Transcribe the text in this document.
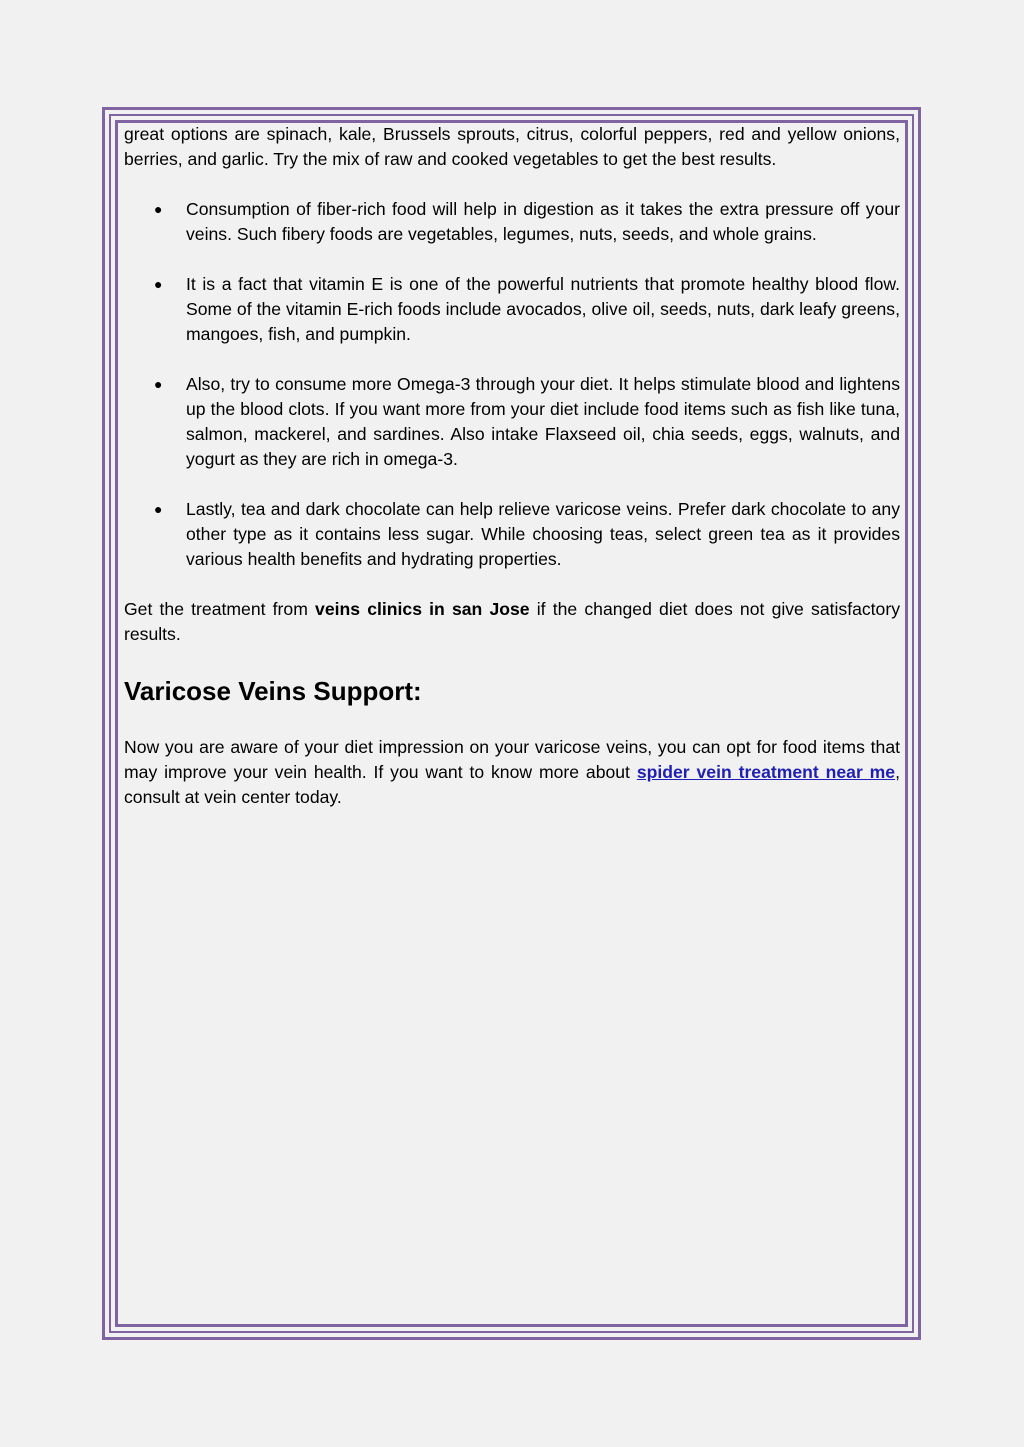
great options are spinach, kale, Brussels sprouts, citrus, colorful peppers, red and yellow onions, berries, and garlic. Try the mix of raw and cooked vegetables to get the best results.

● Consumption of fiber-rich food will help in digestion as it takes the extra pressure off your veins. Such fibery foods are vegetables, legumes, nuts, seeds, and whole grains.
● It is a fact that vitamin E is one of the powerful nutrients that promote healthy blood flow. Some of the vitamin E-rich foods include avocados, olive oil, seeds, nuts, dark leafy greens, mangoes, fish, and pumpkin.
● Also, try to consume more Omega-3 through your diet. It helps stimulate blood and lightens up the blood clots. If you want more from your diet include food items such as fish like tuna, salmon, mackerel, and sardines. Also intake Flaxseed oil, chia seeds, eggs, walnuts, and yogurt as they are rich in omega-3.
● Lastly, tea and dark chocolate can help relieve varicose veins. Prefer dark chocolate to any other type as it contains less sugar. While choosing teas, select green tea as it provides various health benefits and hydrating properties.

Get the treatment from veins clinics in san Jose if the changed diet does not give satisfactory results.

Varicose Veins Support:

Now you are aware of your diet impression on your varicose veins, you can opt for food items that may improve your vein health. If you want to know more about spider vein treatment near me, consult at vein center today.
